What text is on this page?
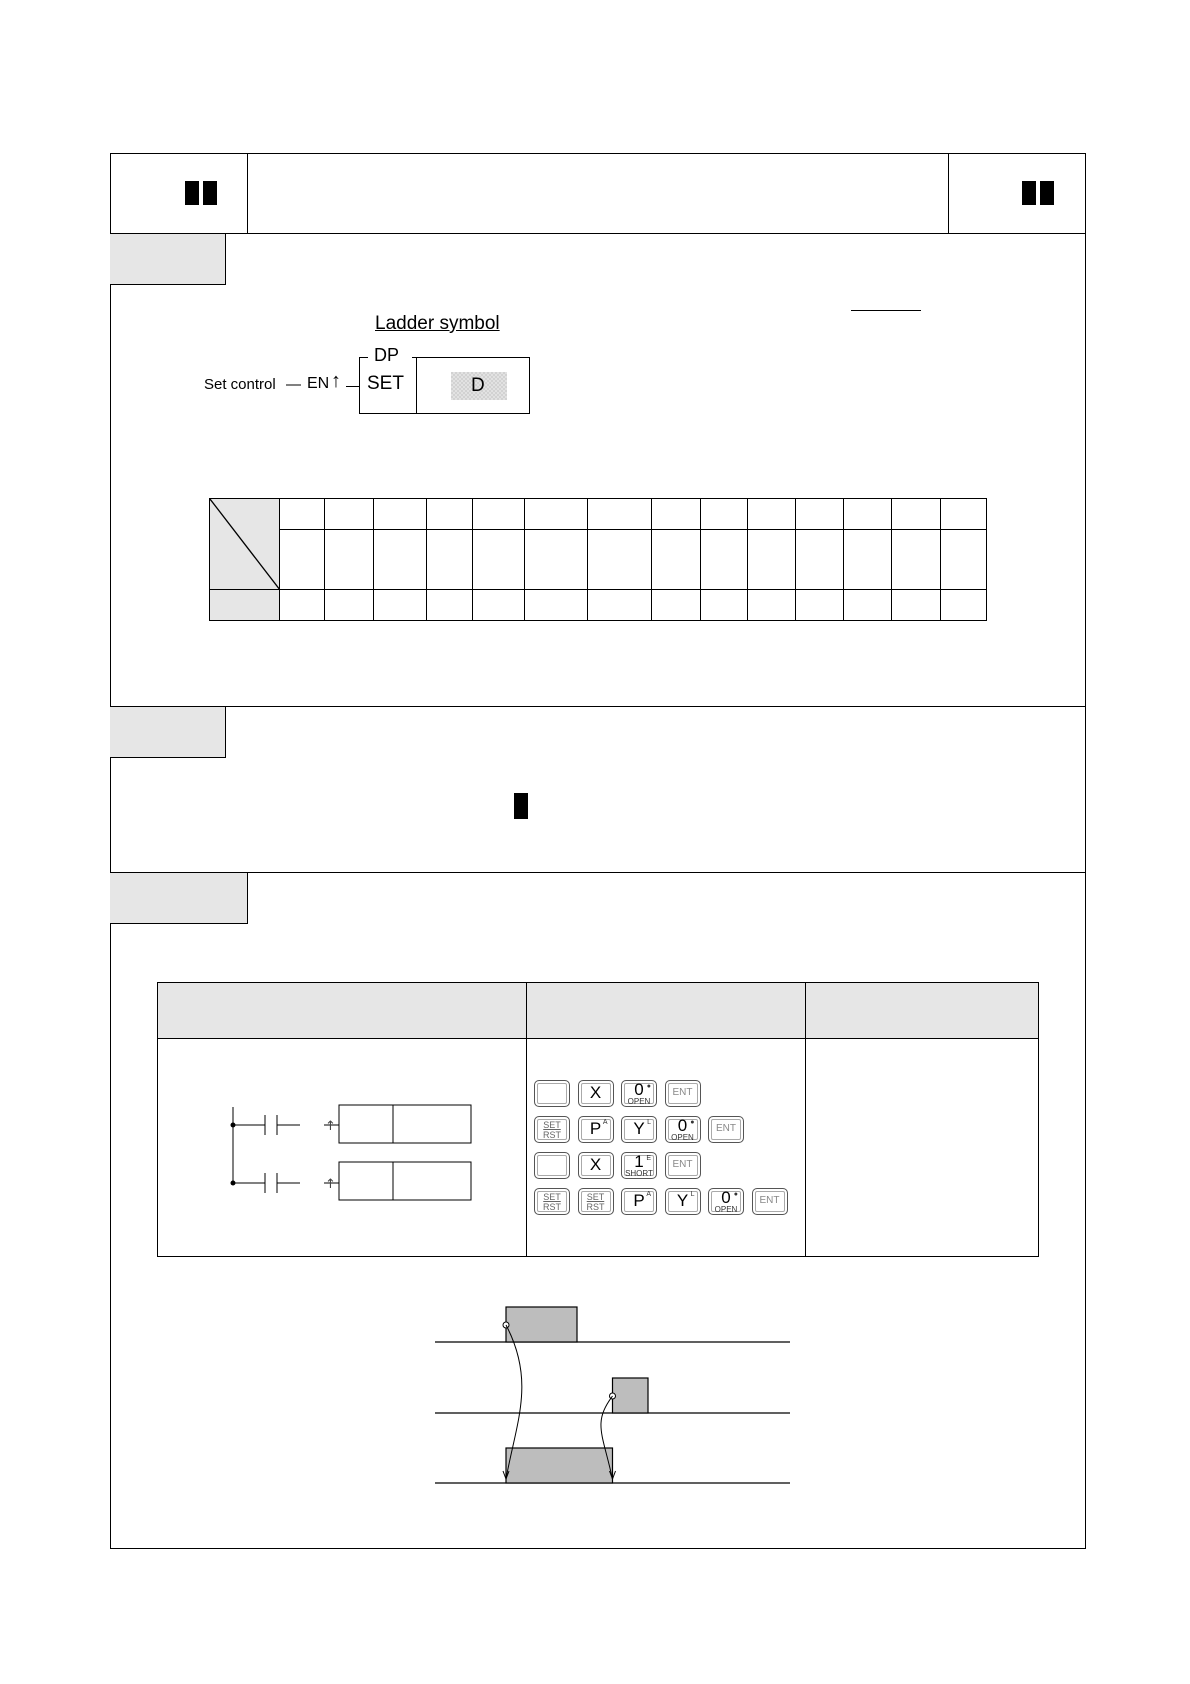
Ladder symbol
Set control — EN ↑
DP
SET	D

↑
↑
X	0 ●
OPEN
ENT
SET
RST	P A	Y L	0 ●
OPEN
ENT
X	1 E
SHORT
ENT
SET
RST
SET
RST	P A	Y L	0 ●
OPEN
ENT
